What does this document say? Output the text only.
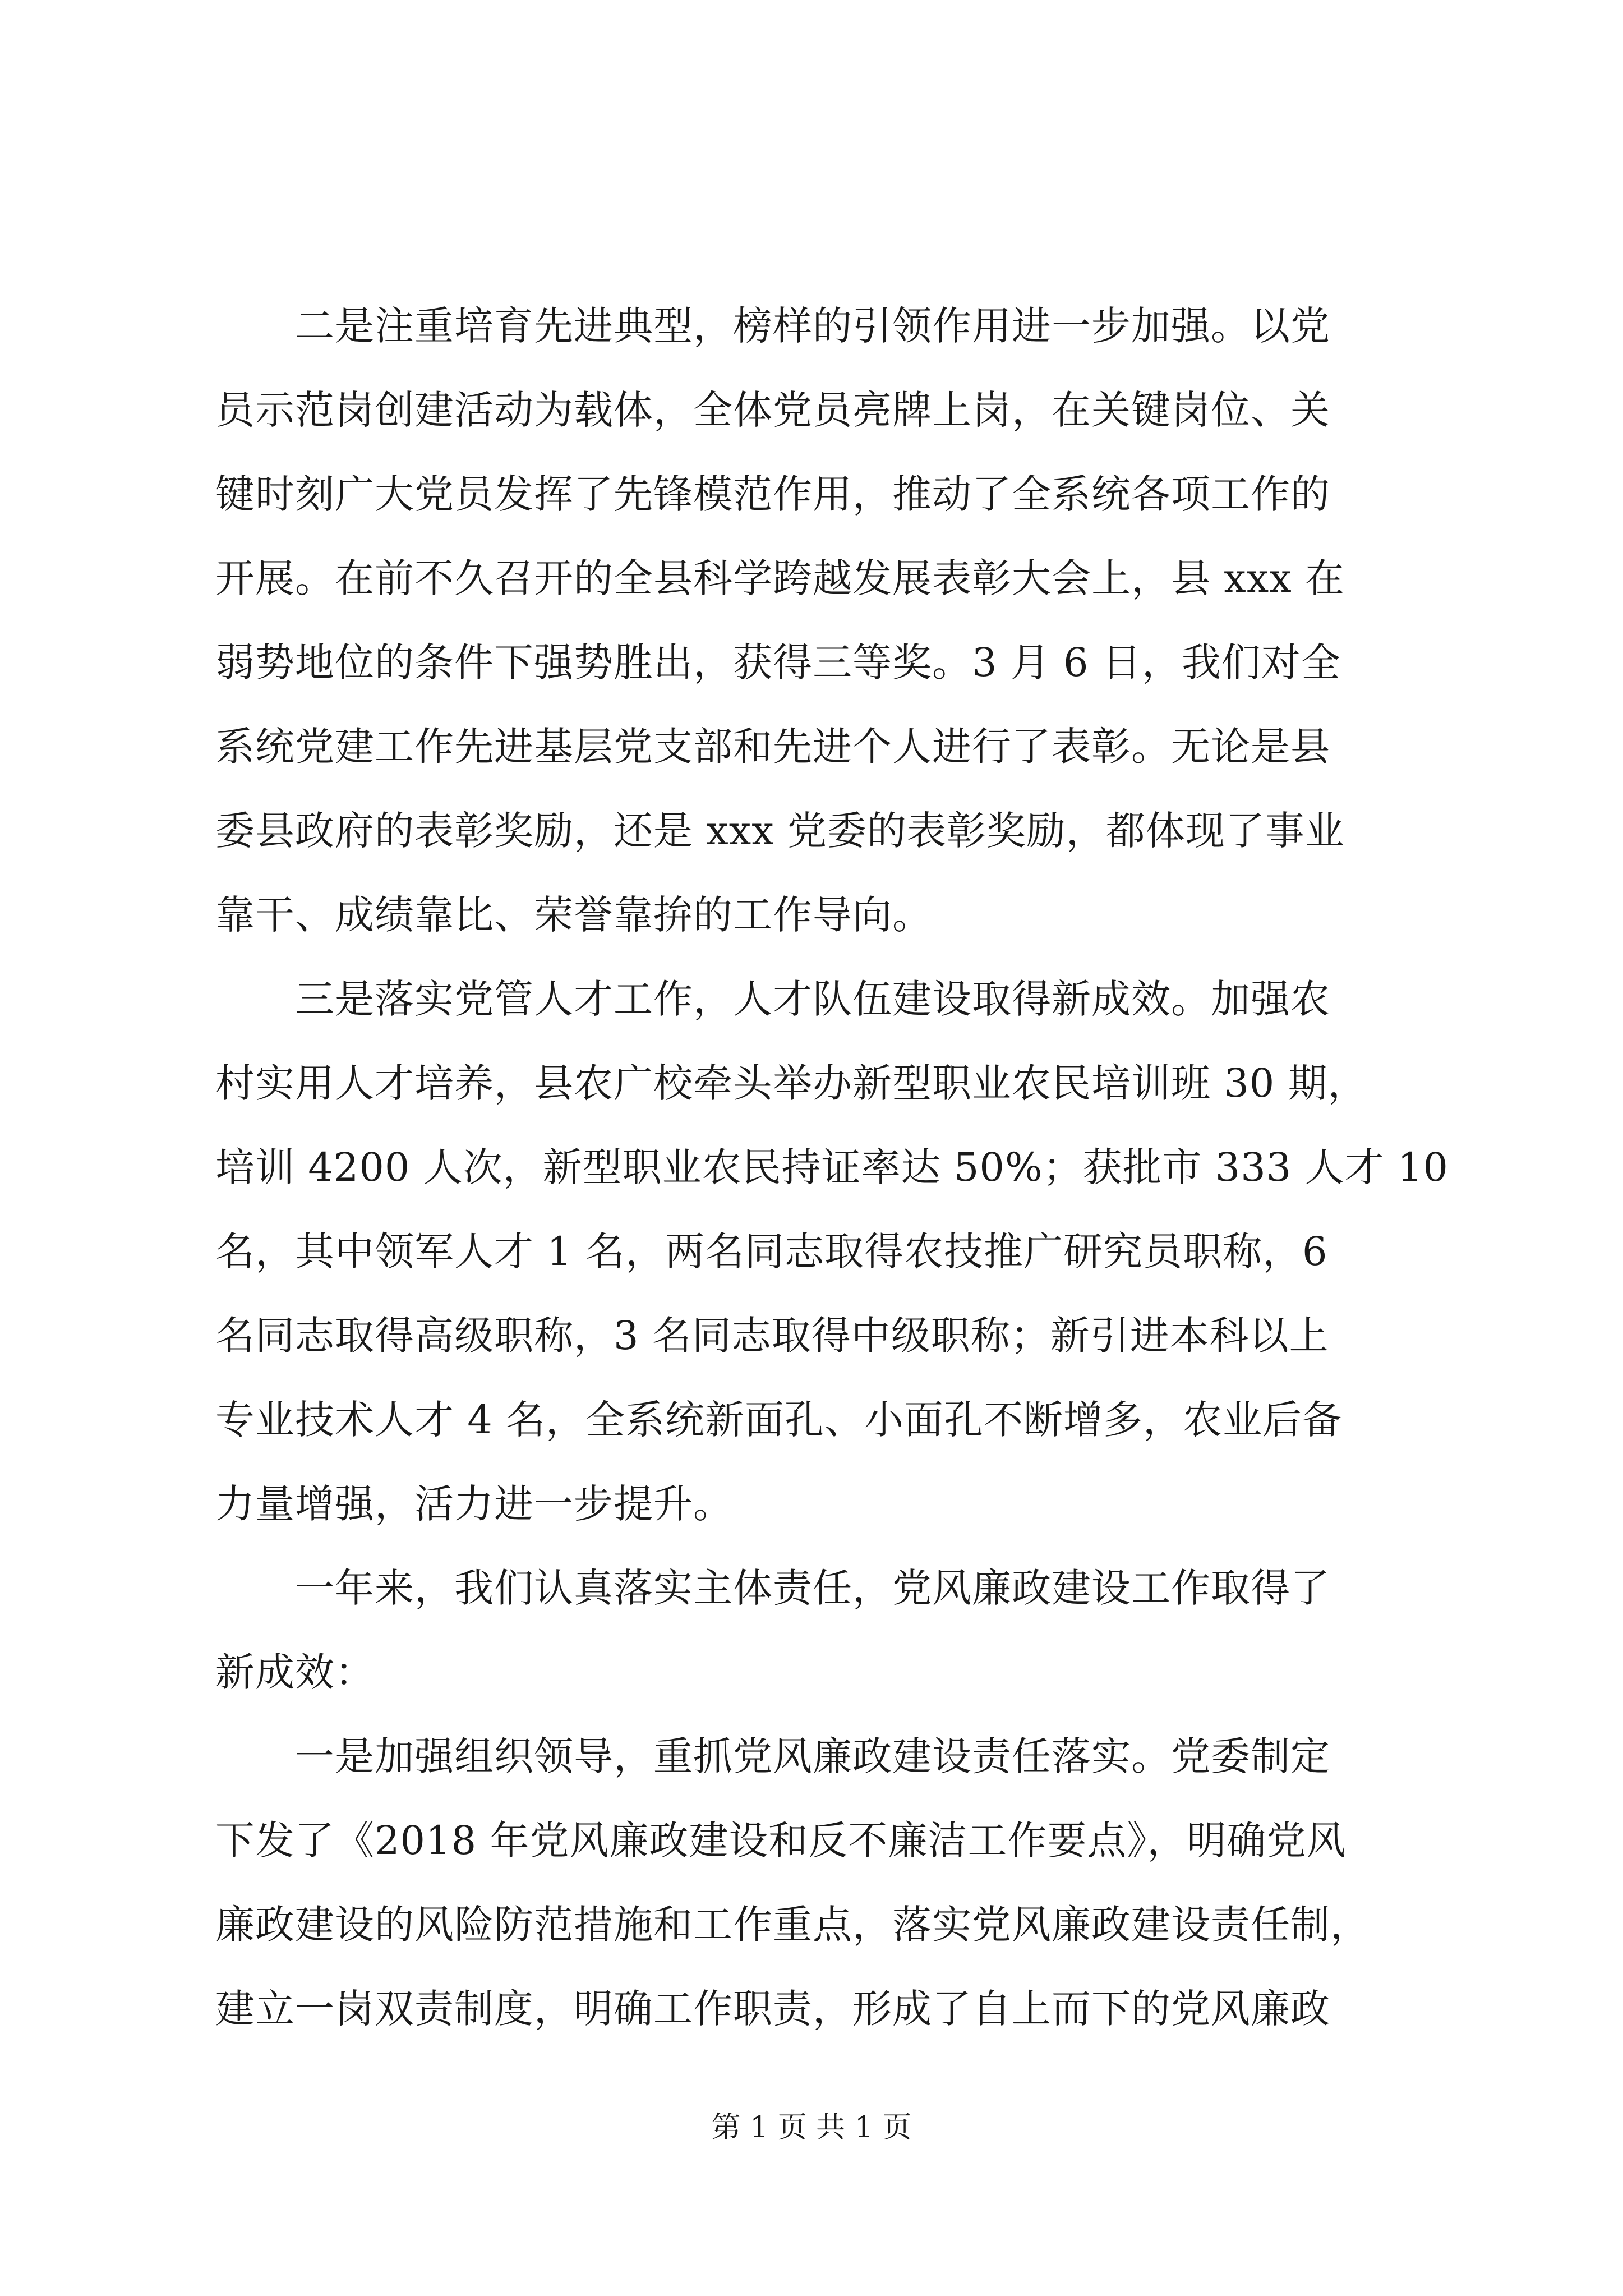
　　二是注重培育先进典型，榜样的引领作用进一步加强。以党
员示范岗创建活动为载体，全体党员亮牌上岗，在关键岗位、关
键时刻广大党员发挥了先锋模范作用，推动了全系统各项工作的
开展。在前不久召开的全县科学跨越发展表彰大会上，县 xxx 在
弱势地位的条件下强势胜出，获得三等奖。3 月 6 日，我们对全
系统党建工作先进基层党支部和先进个人进行了表彰。无论是县
委县政府的表彰奖励，还是 xxx 党委的表彰奖励，都体现了事业
靠干、成绩靠比、荣誉靠拚的工作导向。
　　三是落实党管人才工作，人才队伍建设取得新成效。加强农
村实用人才培养，县农广校牵头举办新型职业农民培训班 30 期，
培训 4200 人次，新型职业农民持证率达 50%；获批市 333 人才 10
名，其中领军人才 1 名，两名同志取得农技推广研究员职称，6
名同志取得高级职称，3 名同志取得中级职称；新引进本科以上
专业技术人才 4 名，全系统新面孔、小面孔不断增多，农业后备
力量增强，活力进一步提升。
　　一年来，我们认真落实主体责任，党风廉政建设工作取得了
新成效：
　　一是加强组织领导，重抓党风廉政建设责任落实。党委制定
下发了《2018 年党风廉政建设和反不廉洁工作要点》，明确党风
廉政建设的风险防范措施和工作重点，落实党风廉政建设责任制，
建立一岗双责制度，明确工作职责，形成了自上而下的党风廉政
第 1 页 共 1 页
